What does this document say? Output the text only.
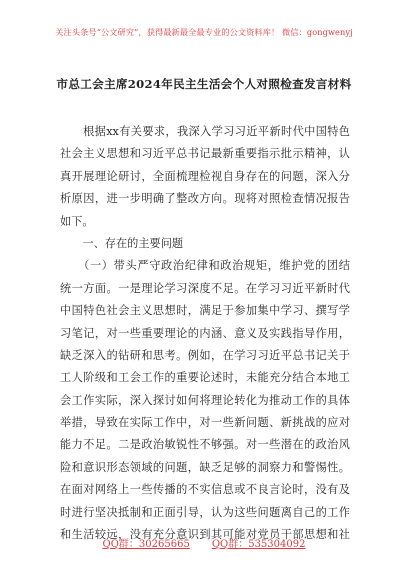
关注头条号“公文研究”，获得最新最全最专业的公文资料库！ 微信：gongwenyj
市总工会主席2024年民主生活会个人对照检查发言材料
　　根据xx有关要求，我深入学习习近平新时代中国特色
社会主义思想和习近平总书记最新重要指示批示精神，认
真开展理论研讨，全面梳理检视自身存在的问题，深入分
析原因，进一步明确了整改方向。现将对照检查情况报告
如下。
　　一、存在的主要问题
　　（一）带头严守政治纪律和政治规矩，维护党的团结
统一方面。一是理论学习深度不足。在学习习近平新时代
中国特色社会主义思想时，满足于参加集中学习、撰写学
习笔记，对一些重要理论的内涵、意义及实践指导作用，
缺乏深入的钻研和思考。例如，在学习习近平总书记关于
工人阶级和工会工作的重要论述时，未能充分结合本地工
会工作实际，深入探讨如何将理论转化为推动工作的具体
举措，导致在实际工作中，对一些新问题、新挑战的应对
能力不足。二是政治敏锐性不够强。对一些潜在的政治风
险和意识形态领域的问题，缺乏足够的洞察力和警惕性。
在面对网络上一些传播的不实信息或不良言论时，没有及
时进行坚决抵制和正面引导，认为这些问题离自己的工作
和生活较远，没有充分意识到其可能对党员干部思想和社
QQ群：30265665 QQ群：535304092
